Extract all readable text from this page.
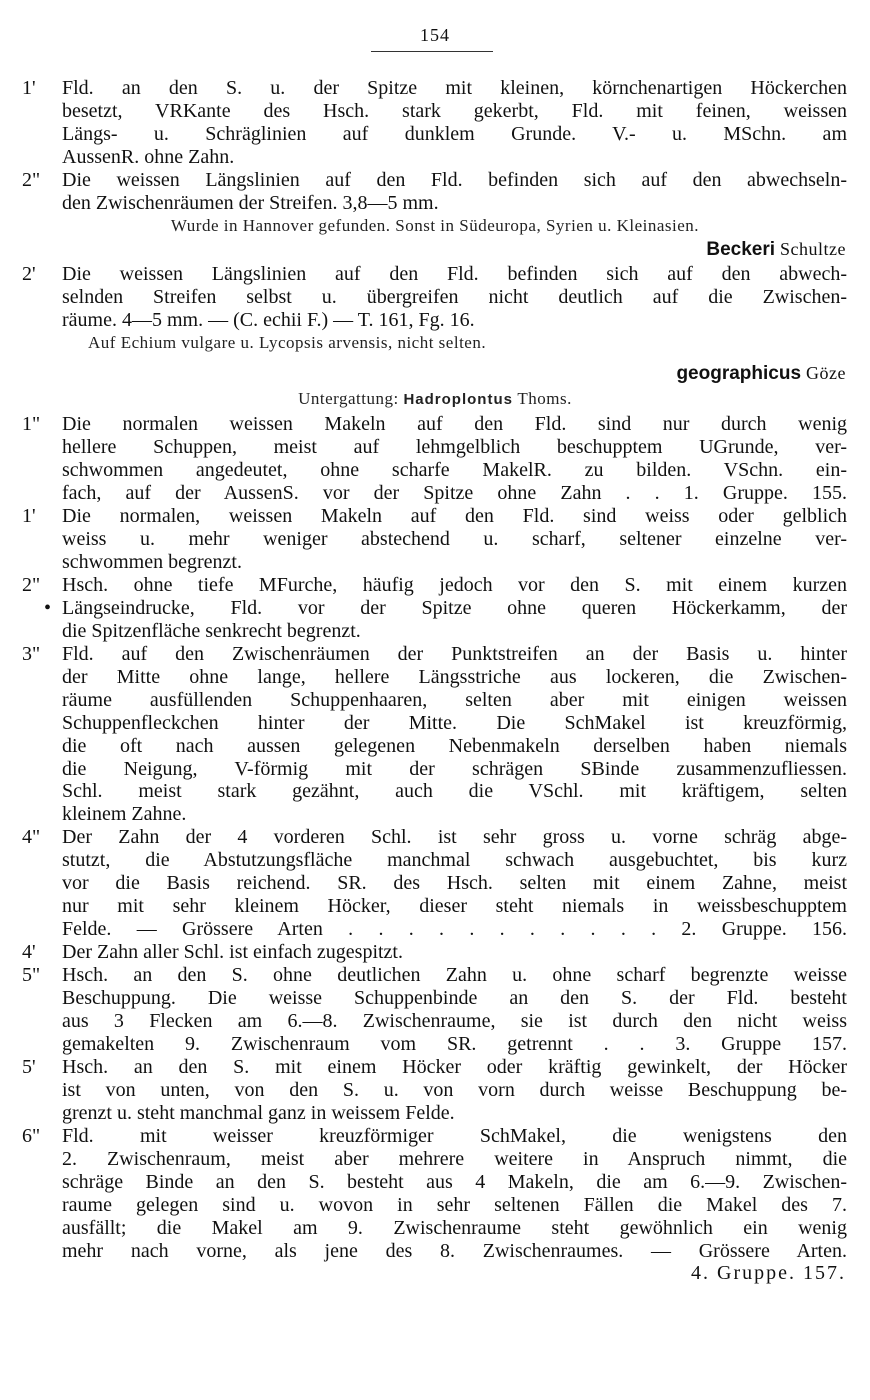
154
1' Fld. an den S. u. der Spitze mit kleinen, körnchenartigen Höckerchen
besetzt, VRKante des Hsch. stark gekerbt, Fld. mit feinen, weissen
Längs- u. Schräglinien auf dunklem Grunde. V.- u. MSchn. am
AussenR. ohne Zahn.
2" Die weissen Längslinien auf den Fld. befinden sich auf den abwechseln-
den Zwischenräumen der Streifen. 3,8—5 mm.
Wurde in Hannover gefunden. Sonst in Südeuropa, Syrien u. Kleinasien.
Beckeri Schultze
2' Die weissen Längslinien auf den Fld. befinden sich auf den abwech-
selnden Streifen selbst u. übergreifen nicht deutlich auf die Zwischen-
räume. 4—5 mm. — (C. echii F.) — T. 161, Fg. 16.
Auf Echium vulgare u. Lycopsis arvensis, nicht selten.
geographicus Göze
Untergattung: Hadroplontus Thoms.
1" Die normalen weissen Makeln auf den Fld. sind nur durch wenig
hellere Schuppen, meist auf lehmgelblich beschupptem UGrunde, ver-
schwommen angedeutet, ohne scharfe MakelR. zu bilden. VSchn. ein-
fach, auf der AussenS. vor der Spitze ohne Zahn . . 1. Gruppe. 155.
1' Die normalen, weissen Makeln auf den Fld. sind weiss oder gelblich
weiss u. mehr weniger abstechend u. scharf, seltener einzelne ver-
schwommen begrenzt.
2"
•
Hsch. ohne tiefe MFurche, häufig jedoch vor den S. mit einem kurzen
Längseindrucke, Fld. vor der Spitze ohne queren Höckerkamm, der
die Spitzenfläche senkrecht begrenzt.
3" Fld. auf den Zwischenräumen der Punktstreifen an der Basis u. hinter
der Mitte ohne lange, hellere Längsstriche aus lockeren, die Zwischen-
räume ausfüllenden Schuppenhaaren, selten aber mit einigen weissen
Schuppenfleckchen hinter der Mitte. Die SchMakel ist kreuzförmig,
die oft nach aussen gelegenen Nebenmakeln derselben haben niemals
die Neigung, V-förmig mit der schrägen SBinde zusammenzufliessen.
Schl. meist stark gezähnt, auch die VSchl. mit kräftigem, selten
kleinem Zahne.
4" Der Zahn der 4 vorderen Schl. ist sehr gross u. vorne schräg abge-
stutzt, die Abstutzungsfläche manchmal schwach ausgebuchtet, bis kurz
vor die Basis reichend. SR. des Hsch. selten mit einem Zahne, meist
nur mit sehr kleinem Höcker, dieser steht niemals in weissbeschupptem
Felde. — Grössere Arten . . . . . . . . . . . 2. Gruppe. 156.
4' Der Zahn aller Schl. ist einfach zugespitzt.
5" Hsch. an den S. ohne deutlichen Zahn u. ohne scharf begrenzte weisse
Beschuppung. Die weisse Schuppenbinde an den S. der Fld. besteht
aus 3 Flecken am 6.—8. Zwischenraume, sie ist durch den nicht weiss
gemakelten 9. Zwischenraum vom SR. getrennt . . 3. Gruppe 157.
5' Hsch. an den S. mit einem Höcker oder kräftig gewinkelt, der Höcker
ist von unten, von den S. u. von vorn durch weisse Beschuppung be-
grenzt u. steht manchmal ganz in weissem Felde.
6" Fld. mit weisser kreuzförmiger SchMakel, die wenigstens den
2. Zwischenraum, meist aber mehrere weitere in Anspruch nimmt, die
schräge Binde an den S. besteht aus 4 Makeln, die am 6.—9. Zwischen-
raume gelegen sind u. wovon in sehr seltenen Fällen die Makel des 7.
ausfällt; die Makel am 9. Zwischenraume steht gewöhnlich ein wenig
mehr nach vorne, als jene des 8. Zwischenraumes. — Grössere Arten.
4. Gruppe. 157.
